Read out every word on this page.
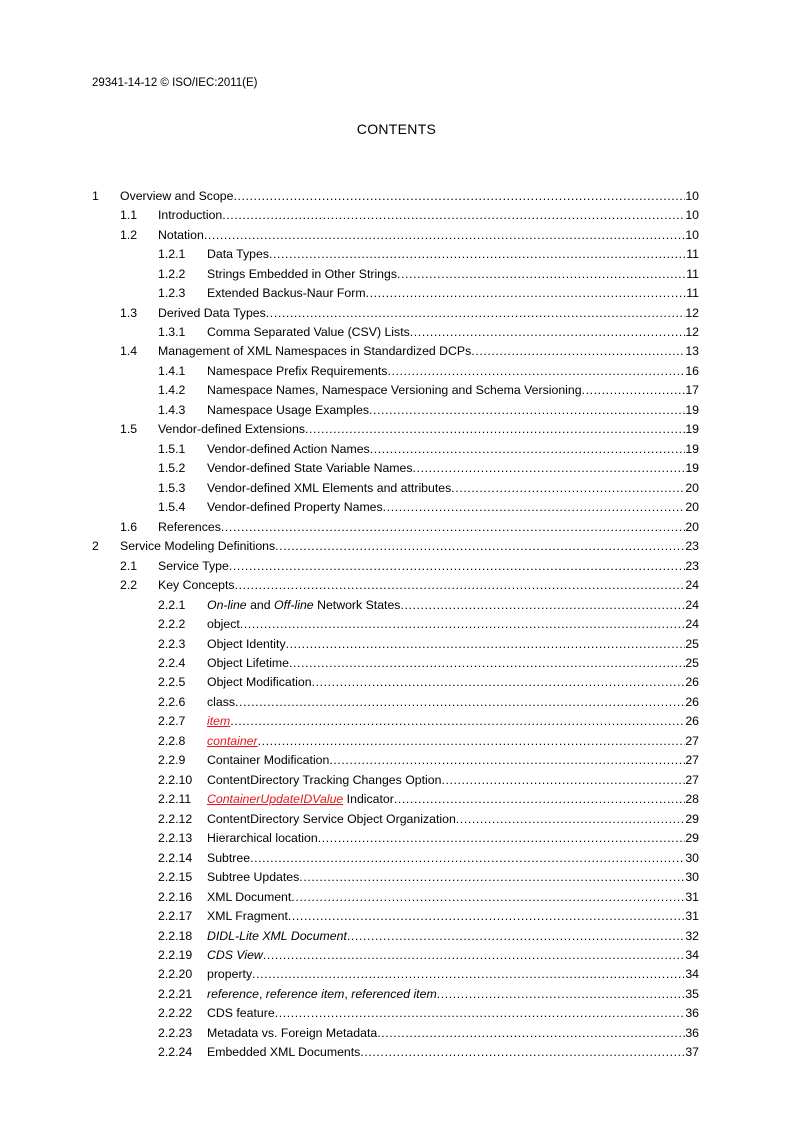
29341-14-12 © ISO/IEC:2011(E)
CONTENTS
1	Overview and Scope .....	10
1.1	Introduction .....	10
1.2	Notation .....	10
1.2.1	Data Types .....	11
1.2.2	Strings Embedded in Other Strings .....	11
1.2.3	Extended Backus-Naur Form .....	11
1.3	Derived Data Types .....	12
1.3.1	Comma Separated Value (CSV) Lists .....	12
1.4	Management of XML Namespaces in Standardized DCPs .....	13
1.4.1	Namespace Prefix Requirements .....	16
1.4.2	Namespace Names, Namespace Versioning and Schema Versioning .....	17
1.4.3	Namespace Usage Examples .....	19
1.5	Vendor-defined Extensions .....	19
1.5.1	Vendor-defined Action Names .....	19
1.5.2	Vendor-defined State Variable Names .....	19
1.5.3	Vendor-defined XML Elements and attributes .....	20
1.5.4	Vendor-defined Property Names .....	20
1.6	References .....	20
2	Service Modeling Definitions .....	23
2.1	Service Type .....	23
2.2	Key Concepts .....	24
2.2.1	On-line and Off-line Network States .....	24
2.2.2	object .....	24
2.2.3	Object Identity .....	25
2.2.4	Object Lifetime .....	25
2.2.5	Object Modification .....	26
2.2.6	class .....	26
2.2.7	item .....	26
2.2.8	container .....	27
2.2.9	Container Modification .....	27
2.2.10	ContentDirectory Tracking Changes Option .....	27
2.2.11	ContainerUpdateIDValue Indicator .....	28
2.2.12	ContentDirectory Service Object Organization .....	29
2.2.13	Hierarchical location .....	29
2.2.14	Subtree .....	30
2.2.15	Subtree Updates .....	30
2.2.16	XML Document .....	31
2.2.17	XML Fragment .....	31
2.2.18	DIDL-Lite XML Document .....	32
2.2.19	CDS View .....	34
2.2.20	property .....	34
2.2.21	reference, reference item, referenced item .....	35
2.2.22	CDS feature .....	36
2.2.23	Metadata vs. Foreign Metadata .....	36
2.2.24	Embedded XML Documents .....	37
